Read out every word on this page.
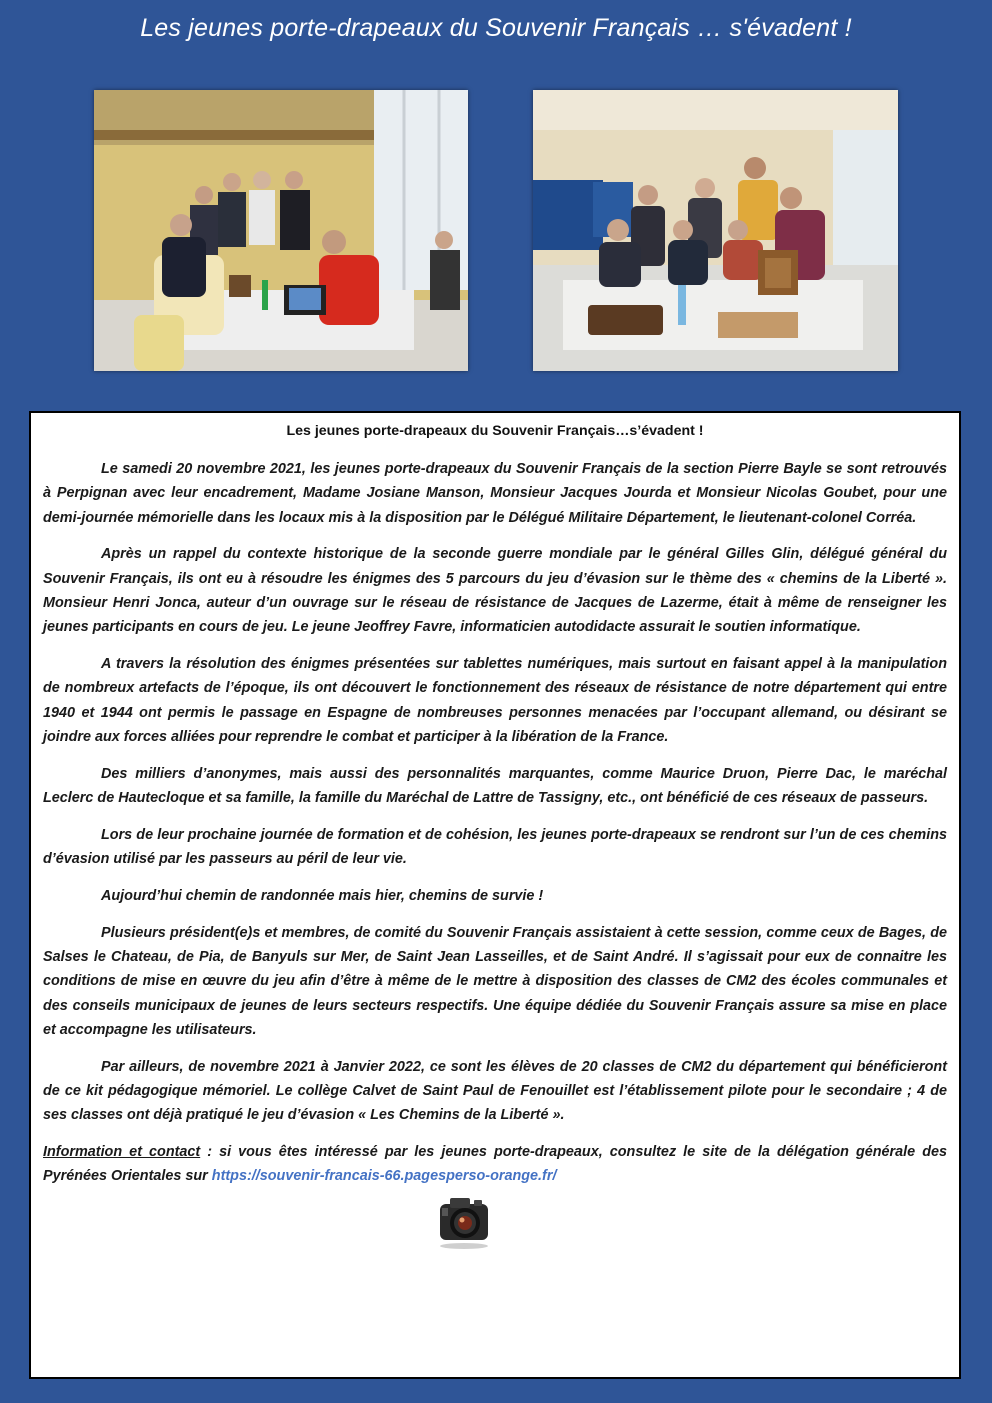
Les jeunes porte-drapeaux du Souvenir Français … s'évadent !
Les jeunes porte-drapeaux du Souvenir Français…s’évadent !

Le samedi 20 novembre 2021, les jeunes porte-drapeaux du Souvenir Français de la section Pierre Bayle se sont retrouvés à Perpignan avec leur encadrement, Madame Josiane Manson, Monsieur Jacques Jourda et Monsieur Nicolas Goubet, pour une demi-journée mémorielle dans les locaux mis à la disposition par le Délégué Militaire Département, le lieutenant-colonel Corréa.

Après un rappel du contexte historique de la seconde guerre mondiale par le général Gilles Glin, délégué général du Souvenir Français, ils ont eu à résoudre les énigmes des 5 parcours du jeu d’évasion sur le thème des « chemins de la Liberté ». Monsieur Henri Jonca, auteur d’un ouvrage sur le réseau de résistance de Jacques de Lazerme, était à même de renseigner les jeunes participants en cours de jeu. Le jeune Jeoffrey Favre, informaticien autodidacte assurait le soutien informatique.

A travers la résolution des énigmes présentées sur tablettes numériques, mais surtout en faisant appel à la manipulation de nombreux artefacts de l’époque, ils ont découvert le fonctionnement des réseaux de résistance de notre département qui entre 1940 et 1944 ont permis le passage en Espagne de nombreuses personnes menacées par l’occupant allemand, ou désirant se joindre aux forces alliées pour reprendre le combat et participer à la libération de la France.

Des milliers d’anonymes, mais aussi des personnalités marquantes, comme Maurice Druon, Pierre Dac, le maréchal Leclerc de Hautecloque et sa famille, la famille du Maréchal de Lattre de Tassigny, etc., ont bénéficié de ces réseaux de passeurs.

Lors de leur prochaine journée de formation et de cohésion, les jeunes porte-drapeaux se rendront sur l’un de ces chemins d’évasion utilisé par les passeurs au péril de leur vie.

Aujourd’hui chemin de randonnée mais hier, chemins de survie !

Plusieurs président(e)s et membres, de comité du Souvenir Français assistaient à cette session, comme ceux de Bages, de Salses le Chateau, de Pia, de Banyuls sur Mer, de Saint Jean Lasseilles, et de Saint André. Il s’agissait pour eux de connaitre les conditions de mise en œuvre du jeu afin d’être à même de le mettre à disposition des classes de CM2 des écoles communales et des conseils municipaux de jeunes de leurs secteurs respectifs. Une équipe dédiée du Souvenir Français assure sa mise en place et accompagne les utilisateurs.

Par ailleurs, de novembre 2021 à Janvier 2022, ce sont les élèves de 20 classes de CM2 du département qui bénéficieront de ce kit pédagogique mémoriel. Le collège Calvet de Saint Paul de Fenouillet est l’établissement pilote pour le secondaire ; 4 de ses classes ont déjà pratiqué le jeu d’évasion « Les Chemins de la Liberté ».

Information et contact : si vous êtes intéressé par les jeunes porte-drapeaux, consultez le site de la délégation générale des Pyrénées Orientales sur https://souvenir-francais-66.pagesperso-orange.fr/
